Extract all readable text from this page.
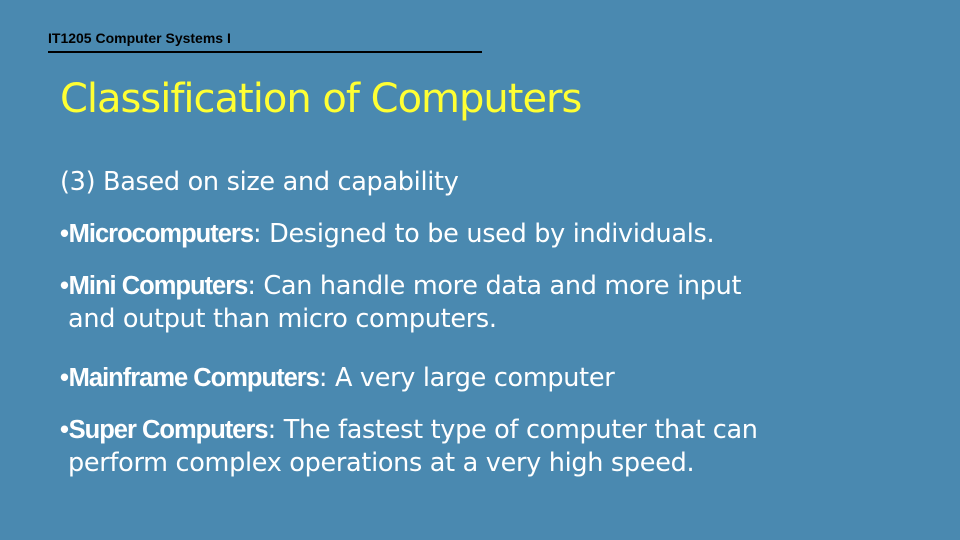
IT1205 Computer Systems I
Classification of Computers
(3) Based on size and capability
•Microcomputers: Designed to be used by individuals.
•Mini Computers: Can handle more data and more input
and output than micro computers.
•Mainframe Computers: A very large computer
•Super Computers: The fastest type of computer that can
perform complex operations at a very high speed.
